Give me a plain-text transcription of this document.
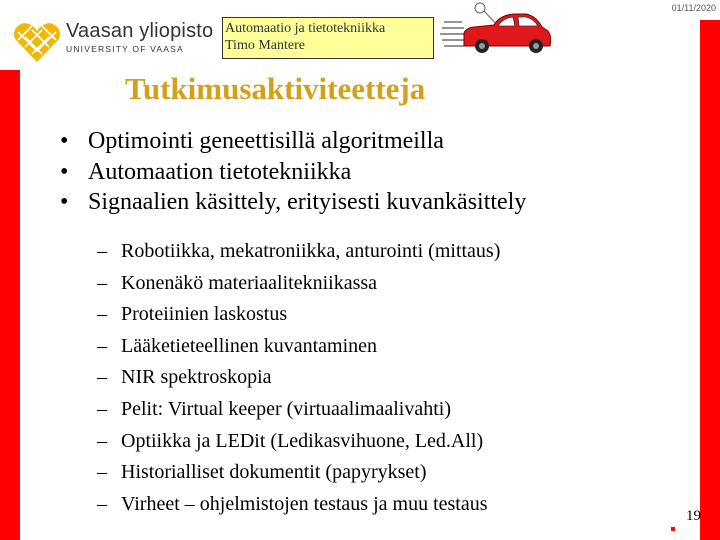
01/11/2020
Vaasan yliopisto
UNIVERSITY OF VAASA
Automaatio ja tietotekniikka
Timo Mantere
Tutkimusaktiviteetteja
• Optimointi geneettisillä algoritmeilla
• Automaation tietotekniikka
• Signaalien käsittely, erityisesti kuvankäsittely
– Robotiikka, mekatroniikka, anturointi (mittaus)
– Konenäkö materiaalitekniikassa
– Proteiinien laskostus
– Lääketieteellinen kuvantaminen
– NIR spektroskopia
– Pelit: Virtual keeper (virtuaalimaalivahti)
– Optiikka ja LEDit (Ledikasvihuone, Led.All)
– Historialliset dokumentit (papyrykset)
– Virheet – ohjelmistojen testaus ja muu testaus
19
